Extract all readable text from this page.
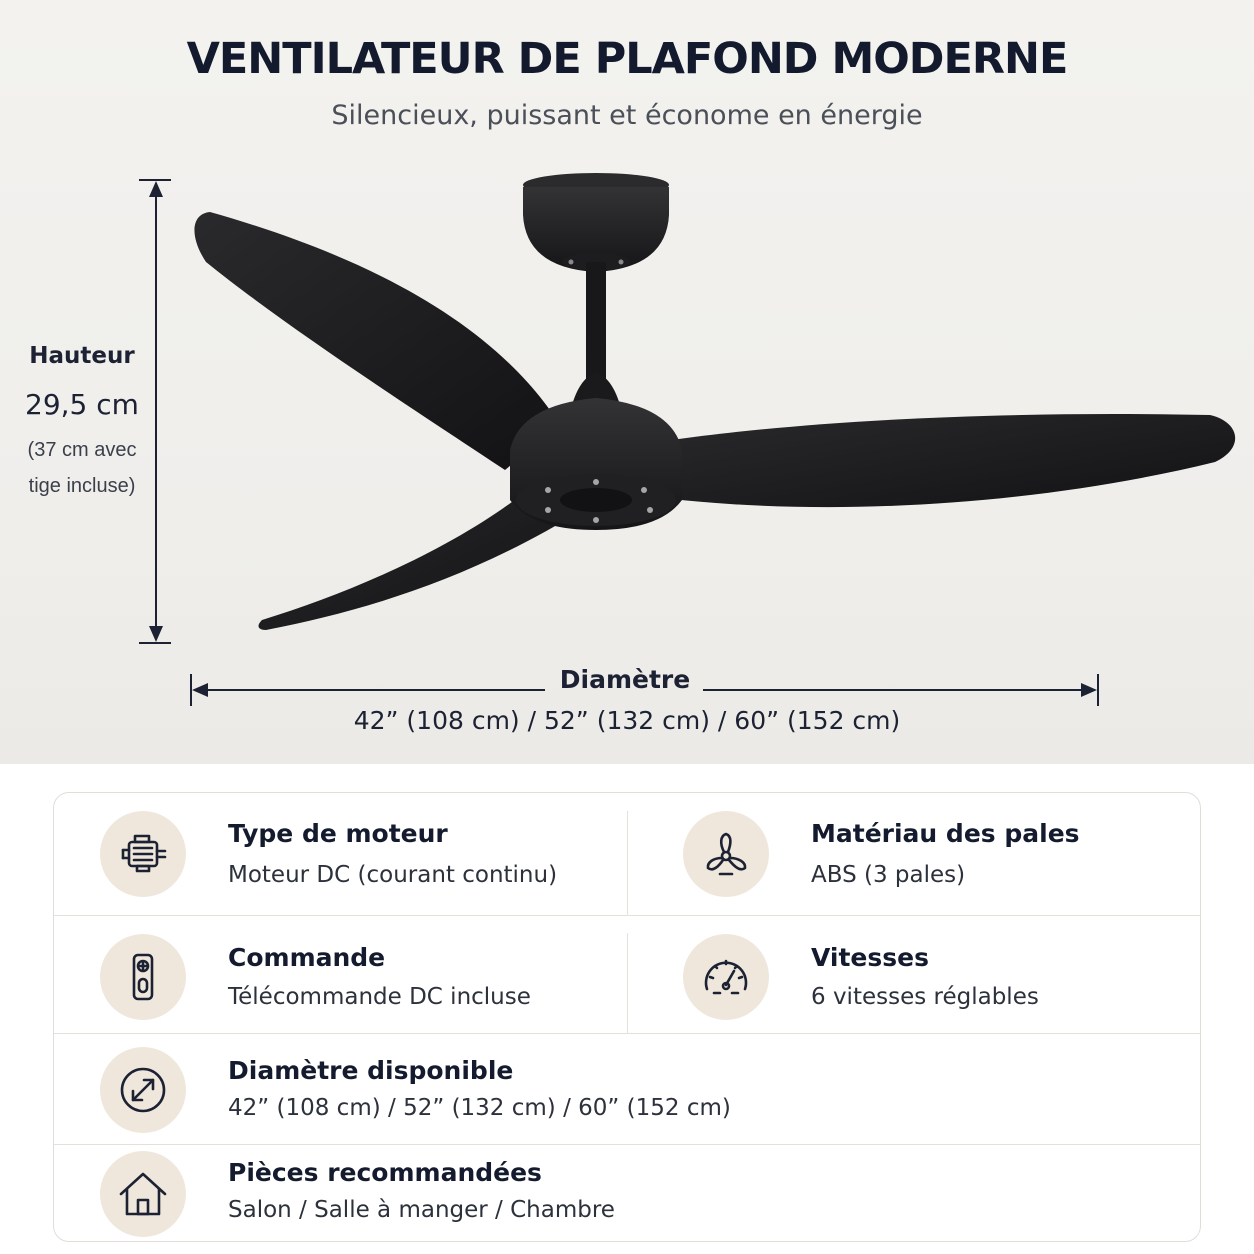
VENTILATEUR DE PLAFOND MODERNE
Silencieux, puissant et économe en énergie
Hauteur
29,5 cm
(37 cm avec
tige incluse)
Diamètre
42” (108 cm) / 52” (132 cm) / 60” (152 cm)
Type de moteur
Moteur DC (courant continu)
Matériau des pales
ABS (3 pales)
Commande
Télécommande DC incluse
Vitesses
6 vitesses réglables
Diamètre disponible
42” (108 cm) / 52” (132 cm) / 60” (152 cm)
Pièces recommandées
Salon / Salle à manger / Chambre
